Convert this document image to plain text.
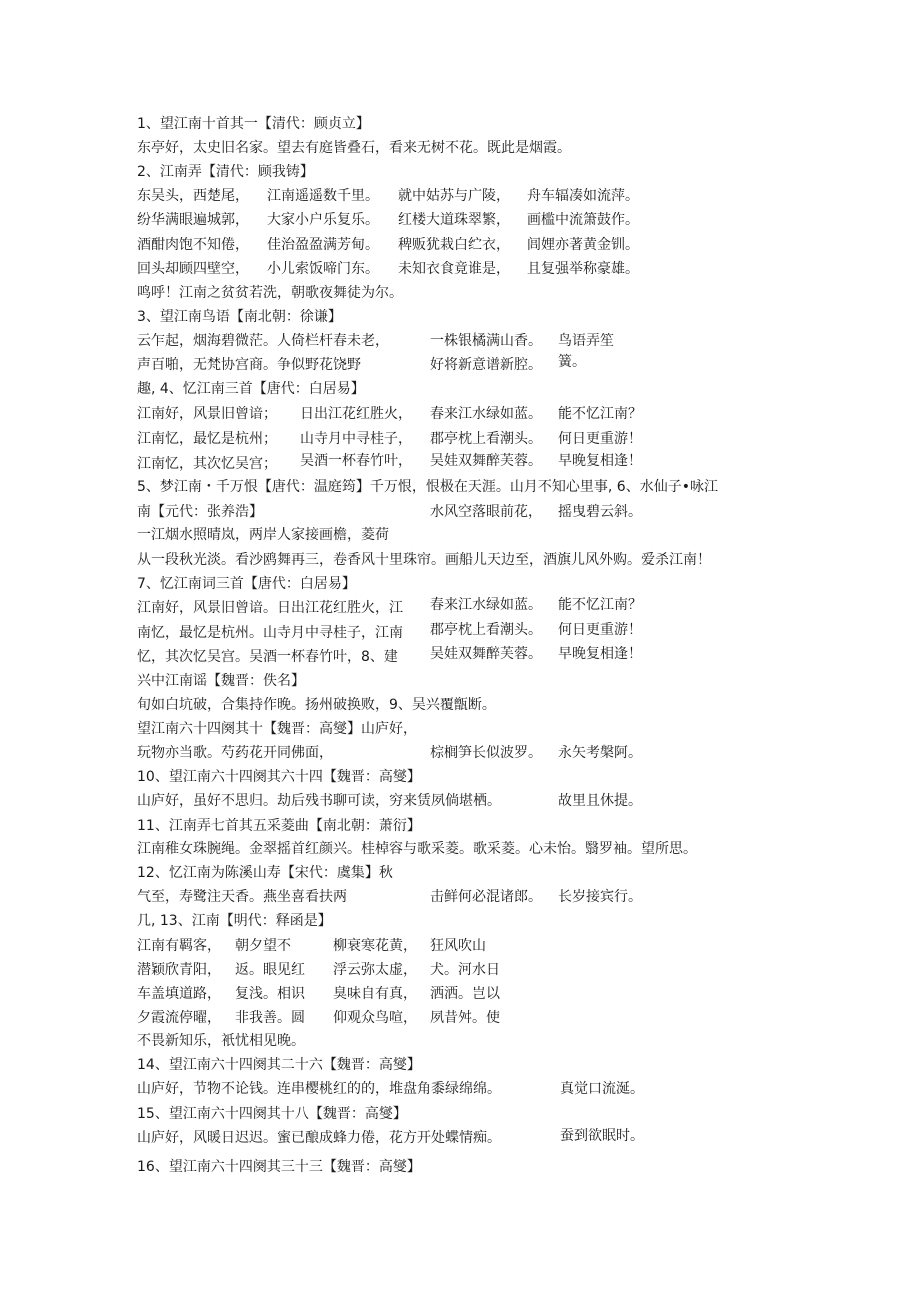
1、望江南十首其一【清代：顾贞立】
东亭好，太史旧名家。望去有庭皆叠石，看来无树不花。既此是烟霞。
2、江南弄【清代：顾我铸】
东吴头，西楚尾， 江南遥遥数千里。 就中姑苏与广陵， 舟车辐凑如流萍。
纷华满眼遍城郭， 大家小户乐复乐。 红楼大道珠翠繁， 画槛中流箫鼓作。
酒酣肉饱不知倦， 佳治盈盈满芳甸。 稗贩犹栽白纻衣， 闾娌亦著黄金钏。
回头却顾四壁空， 小儿索饭啼门东。 未知衣食竟谁是， 且复强举称豪雄。
鸣呼！江南之贫贫若洗，朝歌夜舞徒为尔。
3、望江南鸟语【南北朝：徐谦】
云乍起，烟海碧微茫。人倚栏杆春未老，	一株银橘满山香。 鸟语弄笙
声百啪，无梵协宫商。争似野花饶野	好将新意谱新腔。 簧。
趣, 4、忆江南三首【唐代：白居易】
江南好，风景旧曾谙； 日出江花红胜火， 春来江水绿如蓝。 能不忆江南？
江南忆，最忆是杭州； 山寺月中寻桂子， 郡亭枕上看潮头。 何日更重游！
江南忆，其次忆吴宫； 吴酒一杯春竹叶， 吴娃双舞醉芙蓉。 早晚复相逢！
5、梦江南・千万恨【唐代：温庭筠】千万恨，恨极在天涯。山月不知心里事, 6、水仙子•咏江
南【元代：张养浩】	水风空落眼前花， 摇曳碧云斜。
一江烟水照晴岚，两岸人家接画檐，菱荷
从一段秋光淡。看沙鸥舞再三，卷香风十里珠帘。画船儿天边至，酒旗儿风外购。爱杀江南！
7、忆江南词三首【唐代：白居易】
江南好，风景旧曾谙。日出江花红胜火，江 春来江水绿如蓝。 能不忆江南？
南忆，最忆是杭州。山寺月中寻桂子，江南 郡亭枕上看潮头。 何日更重游！
忆，其次忆吴宫。吴酒一杯春竹叶，8、建 吴娃双舞醉芙蓉。 早晚复相逢！
兴中江南谣【魏晋：佚名】
旬如白坑破，合集持作晚。扬州破换败，9、吴兴覆甑断。
望江南六十四阕其十【魏晋：高燮】山庐好，
玩物亦当歌。芍药花开同佛面，	棕榈笋长似波罗。 永矢考槃阿。
10、望江南六十四阕其六十四【魏晋：高燮】
山庐好，虽好不思归。劫后残书聊可读，穷来赁夙倘堪栖。	故里且休提。
11、江南弄七首其五采菱曲【南北朝：萧衍】
江南稚女珠腕绳。金翠摇首红颜兴。桂棹容与歌采菱。歌采菱。心未怡。翳罗袖。望所思。
12、忆江南为陈溪山寿【宋代：虞集】秋
气至，寿鹭注天香。燕坐喜看扶两	击鲜何必混诸郎。 长岁接宾行。
几, 13、江南【明代：释函是】
江南有羁客， 朝夕望不	柳衰寒花黄， 狂风吹山
潜颖欣青阳， 返。眼见红 浮云弥太虚， 犬。河水日
车盖填道路， 复浅。相识 臭味自有真， 洒洒。岂以
夕霞流停曜， 非我善。圆 仰观众鸟喧， 夙昔舛。使
不畏新知乐，衹忧相见晚。
14、望江南六十四阕其二十六【魏晋：高燮】
山庐好，节物不论钱。连串樱桃红的的，堆盘角黍绿绵绵。	真觉口流涎。
15、望江南六十四阕其十八【魏晋：高燮】
山庐好，风暖日迟迟。蜜已酿成蜂力倦，花方开处蝶情痴。	蚕到欲眠时。
16、望江南六十四阕其三十三【魏晋：高燮】
